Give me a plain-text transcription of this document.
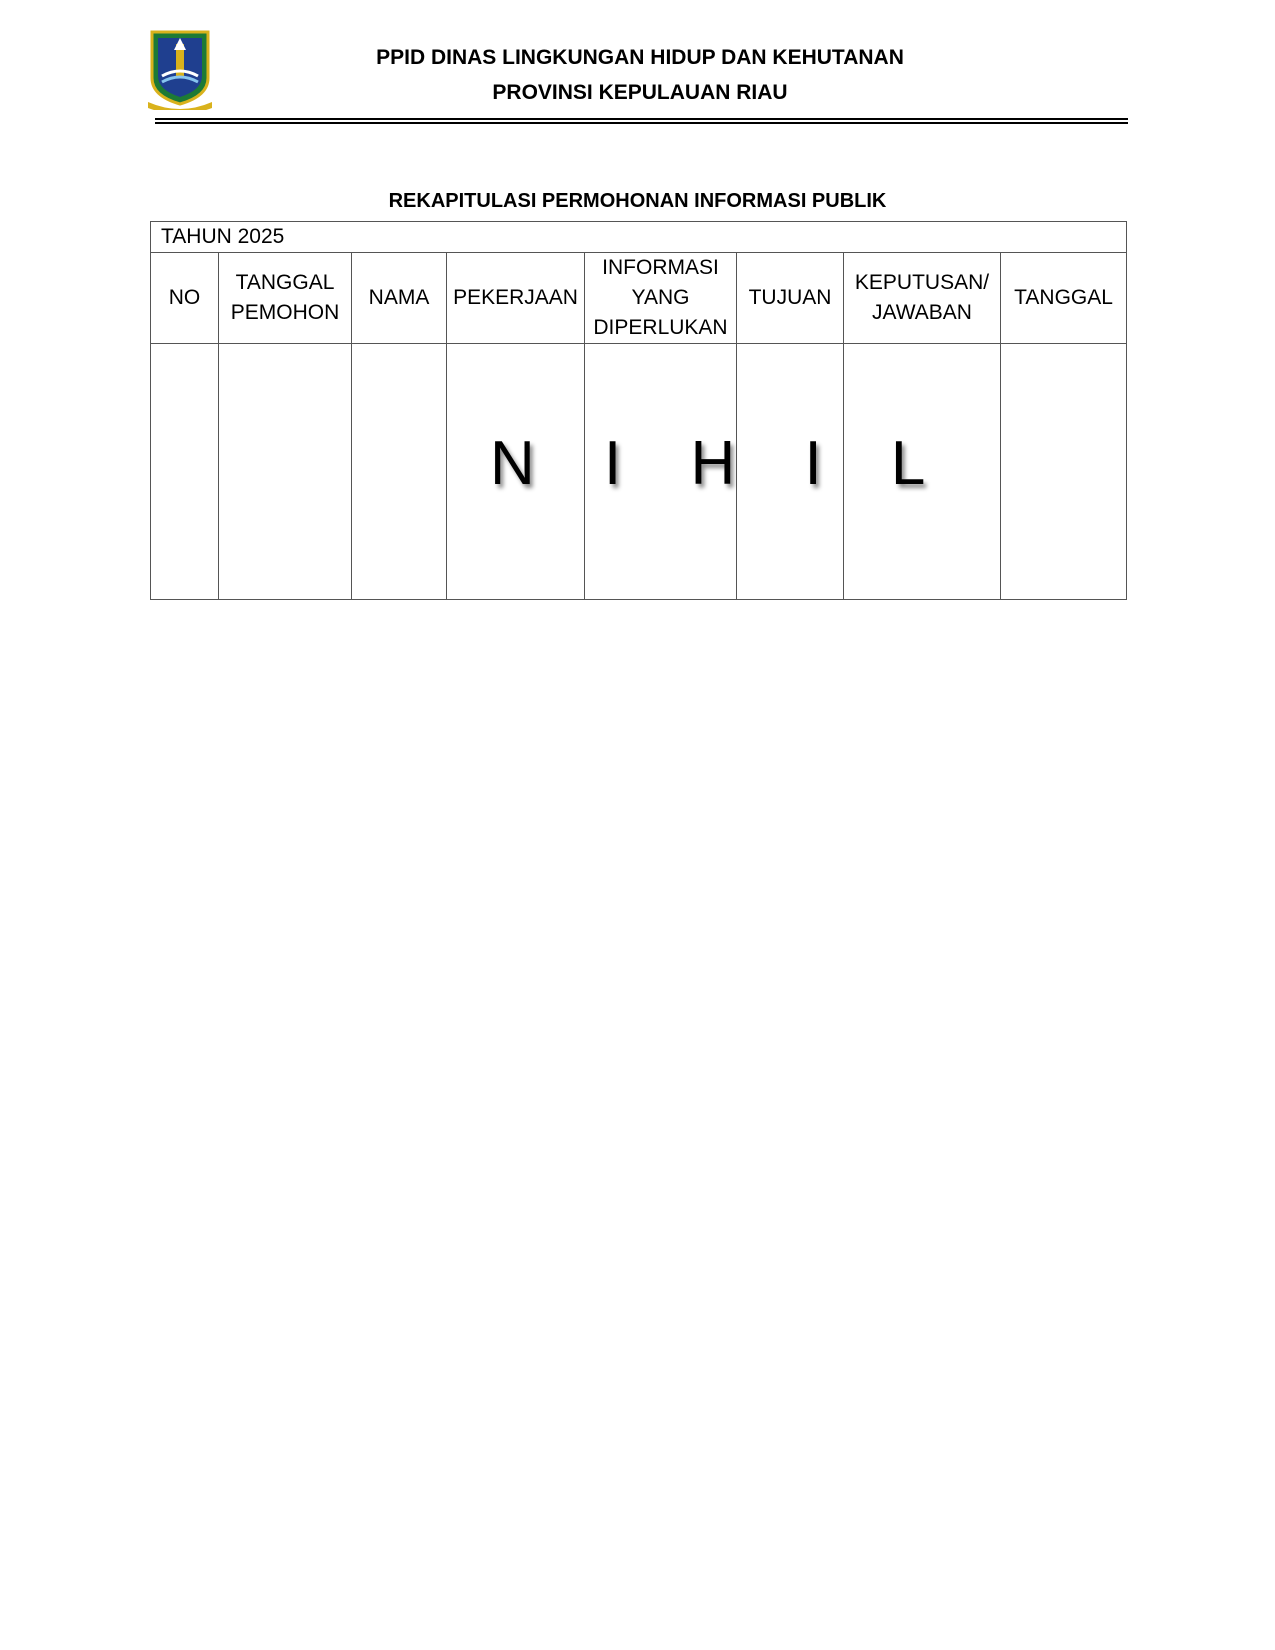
PPID DINAS LINGKUNGAN HIDUP DAN KEHUTANAN
PROVINSI KEPULAUAN RIAU
REKAPITULASI PERMOHONAN INFORMASI PUBLIK
TAHUN 2025							
NO	TANGGAL PEMOHON	NAMA	PEKERJAAN	INFORMASI YANG DIPERLUKAN	TUJUAN	KEPUTUSAN/ JAWABAN	TANGGAL

N I H I L
